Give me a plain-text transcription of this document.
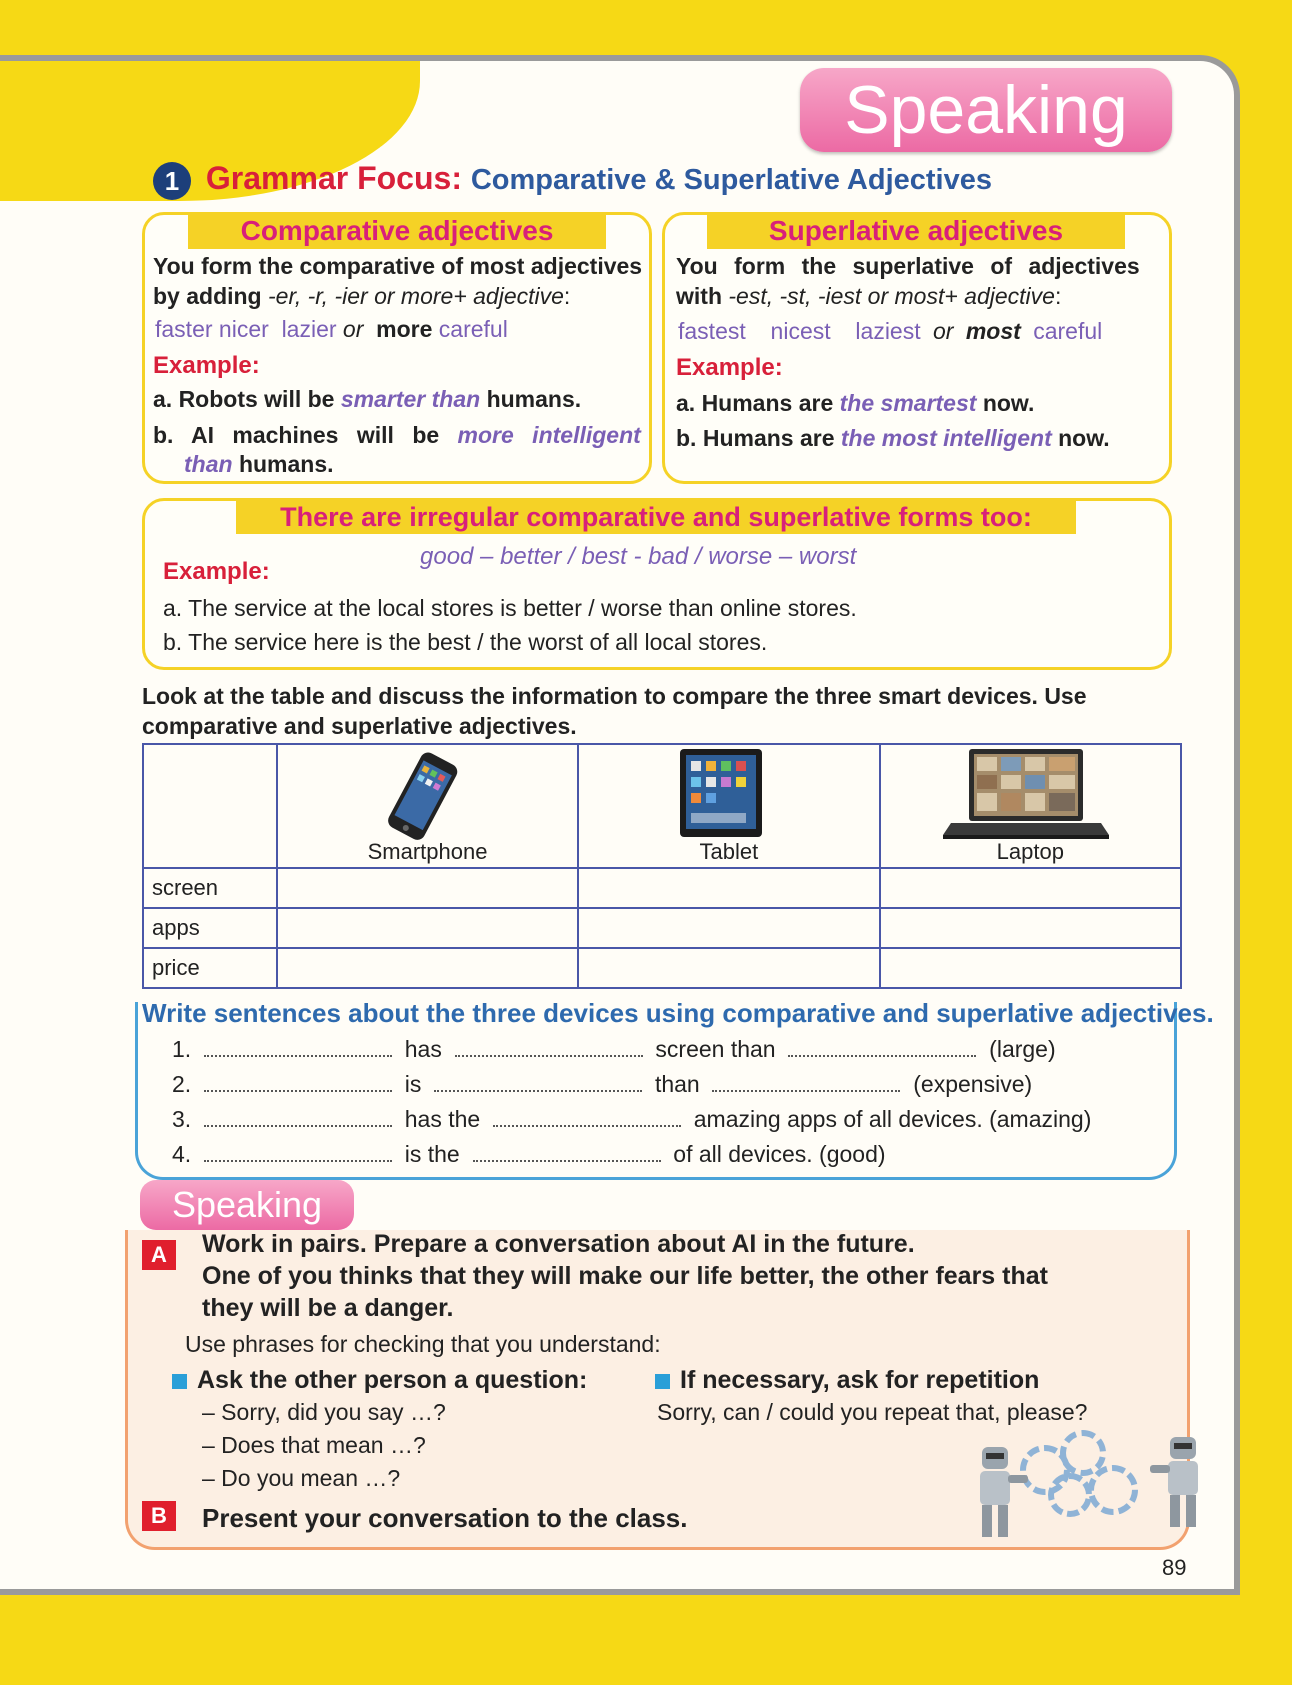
Speaking
1 Grammar Focus: Comparative & Superlative Adjectives
Comparative adjectives
You form the comparative of most adjectives
by adding -er, -r, -ier or more+ adjective:
faster nicer lazier or more careful
Example:
a. Robots will be smarter than humans.
b. AI machines will be more intelligent
than humans.
Superlative adjectives
You form the superlative of adjectives
with -est, -st, -iest or most+ adjective:
fastest nicest laziest or most careful
Example:
a. Humans are the smartest now.
b. Humans are the most intelligent now.
There are irregular comparative and superlative forms too:
good – better / best - bad / worse – worst
Example:
a. The service at the local stores is better / worse than online stores.
b. The service here is the best / the worst of all local stores.
Look at the table and discuss the information to compare the three smart devices. Use
comparative and superlative adjectives.

	Smartphone	Tablet	Laptop

screen			
apps			
price			
Write sentences about the three devices using comparative and superlative adjectives.
1.	has	screen than	(large)
2.	is	than	(expensive)
3.	has the	amazing apps of all devices. (amazing)
4.	is the	of all devices. (good)
Speaking
A	Work in pairs. Prepare a conversation about AI in the future.
One of you thinks that they will make our life better, the other fears that
they will be a danger.
Use phrases for checking that you understand:
Ask the other person a question:
– Sorry, did you say …?
– Does that mean …?
– Do you mean …?
If necessary, ask for repetition
Sorry, can / could you repeat that, please?
B	Present your conversation to the class.
89
